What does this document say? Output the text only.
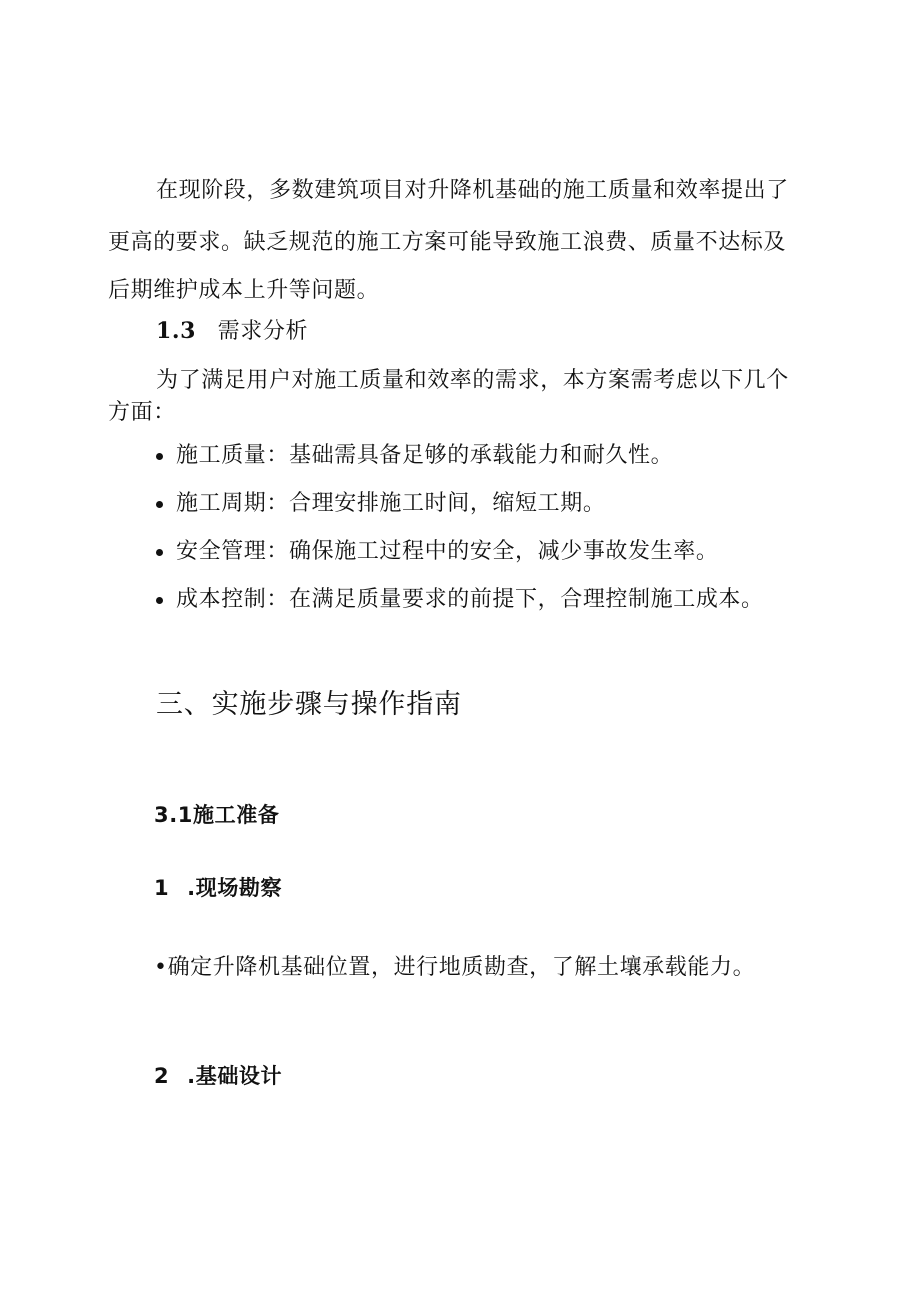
在现阶段，多数建筑项目对升降机基础的施工质量和效率提出了
更高的要求。缺乏规范的施工方案可能导致施工浪费、质量不达标及
后期维护成本上升等问题。
1.3 需求分析
为了满足用户对施工质量和效率的需求，本方案需考虑以下几个
方面：
施工质量：基础需具备足够的承载能力和耐久性。
施工周期：合理安排施工时间，缩短工期。
安全管理：确保施工过程中的安全，减少事故发生率。
成本控制：在满足质量要求的前提下，合理控制施工成本。
三、实施步骤与操作指南
3.1施工准备
1 .现场勘察
•确定升降机基础位置，进行地质勘查，了解土壤承载能力。
2 .基础设计
